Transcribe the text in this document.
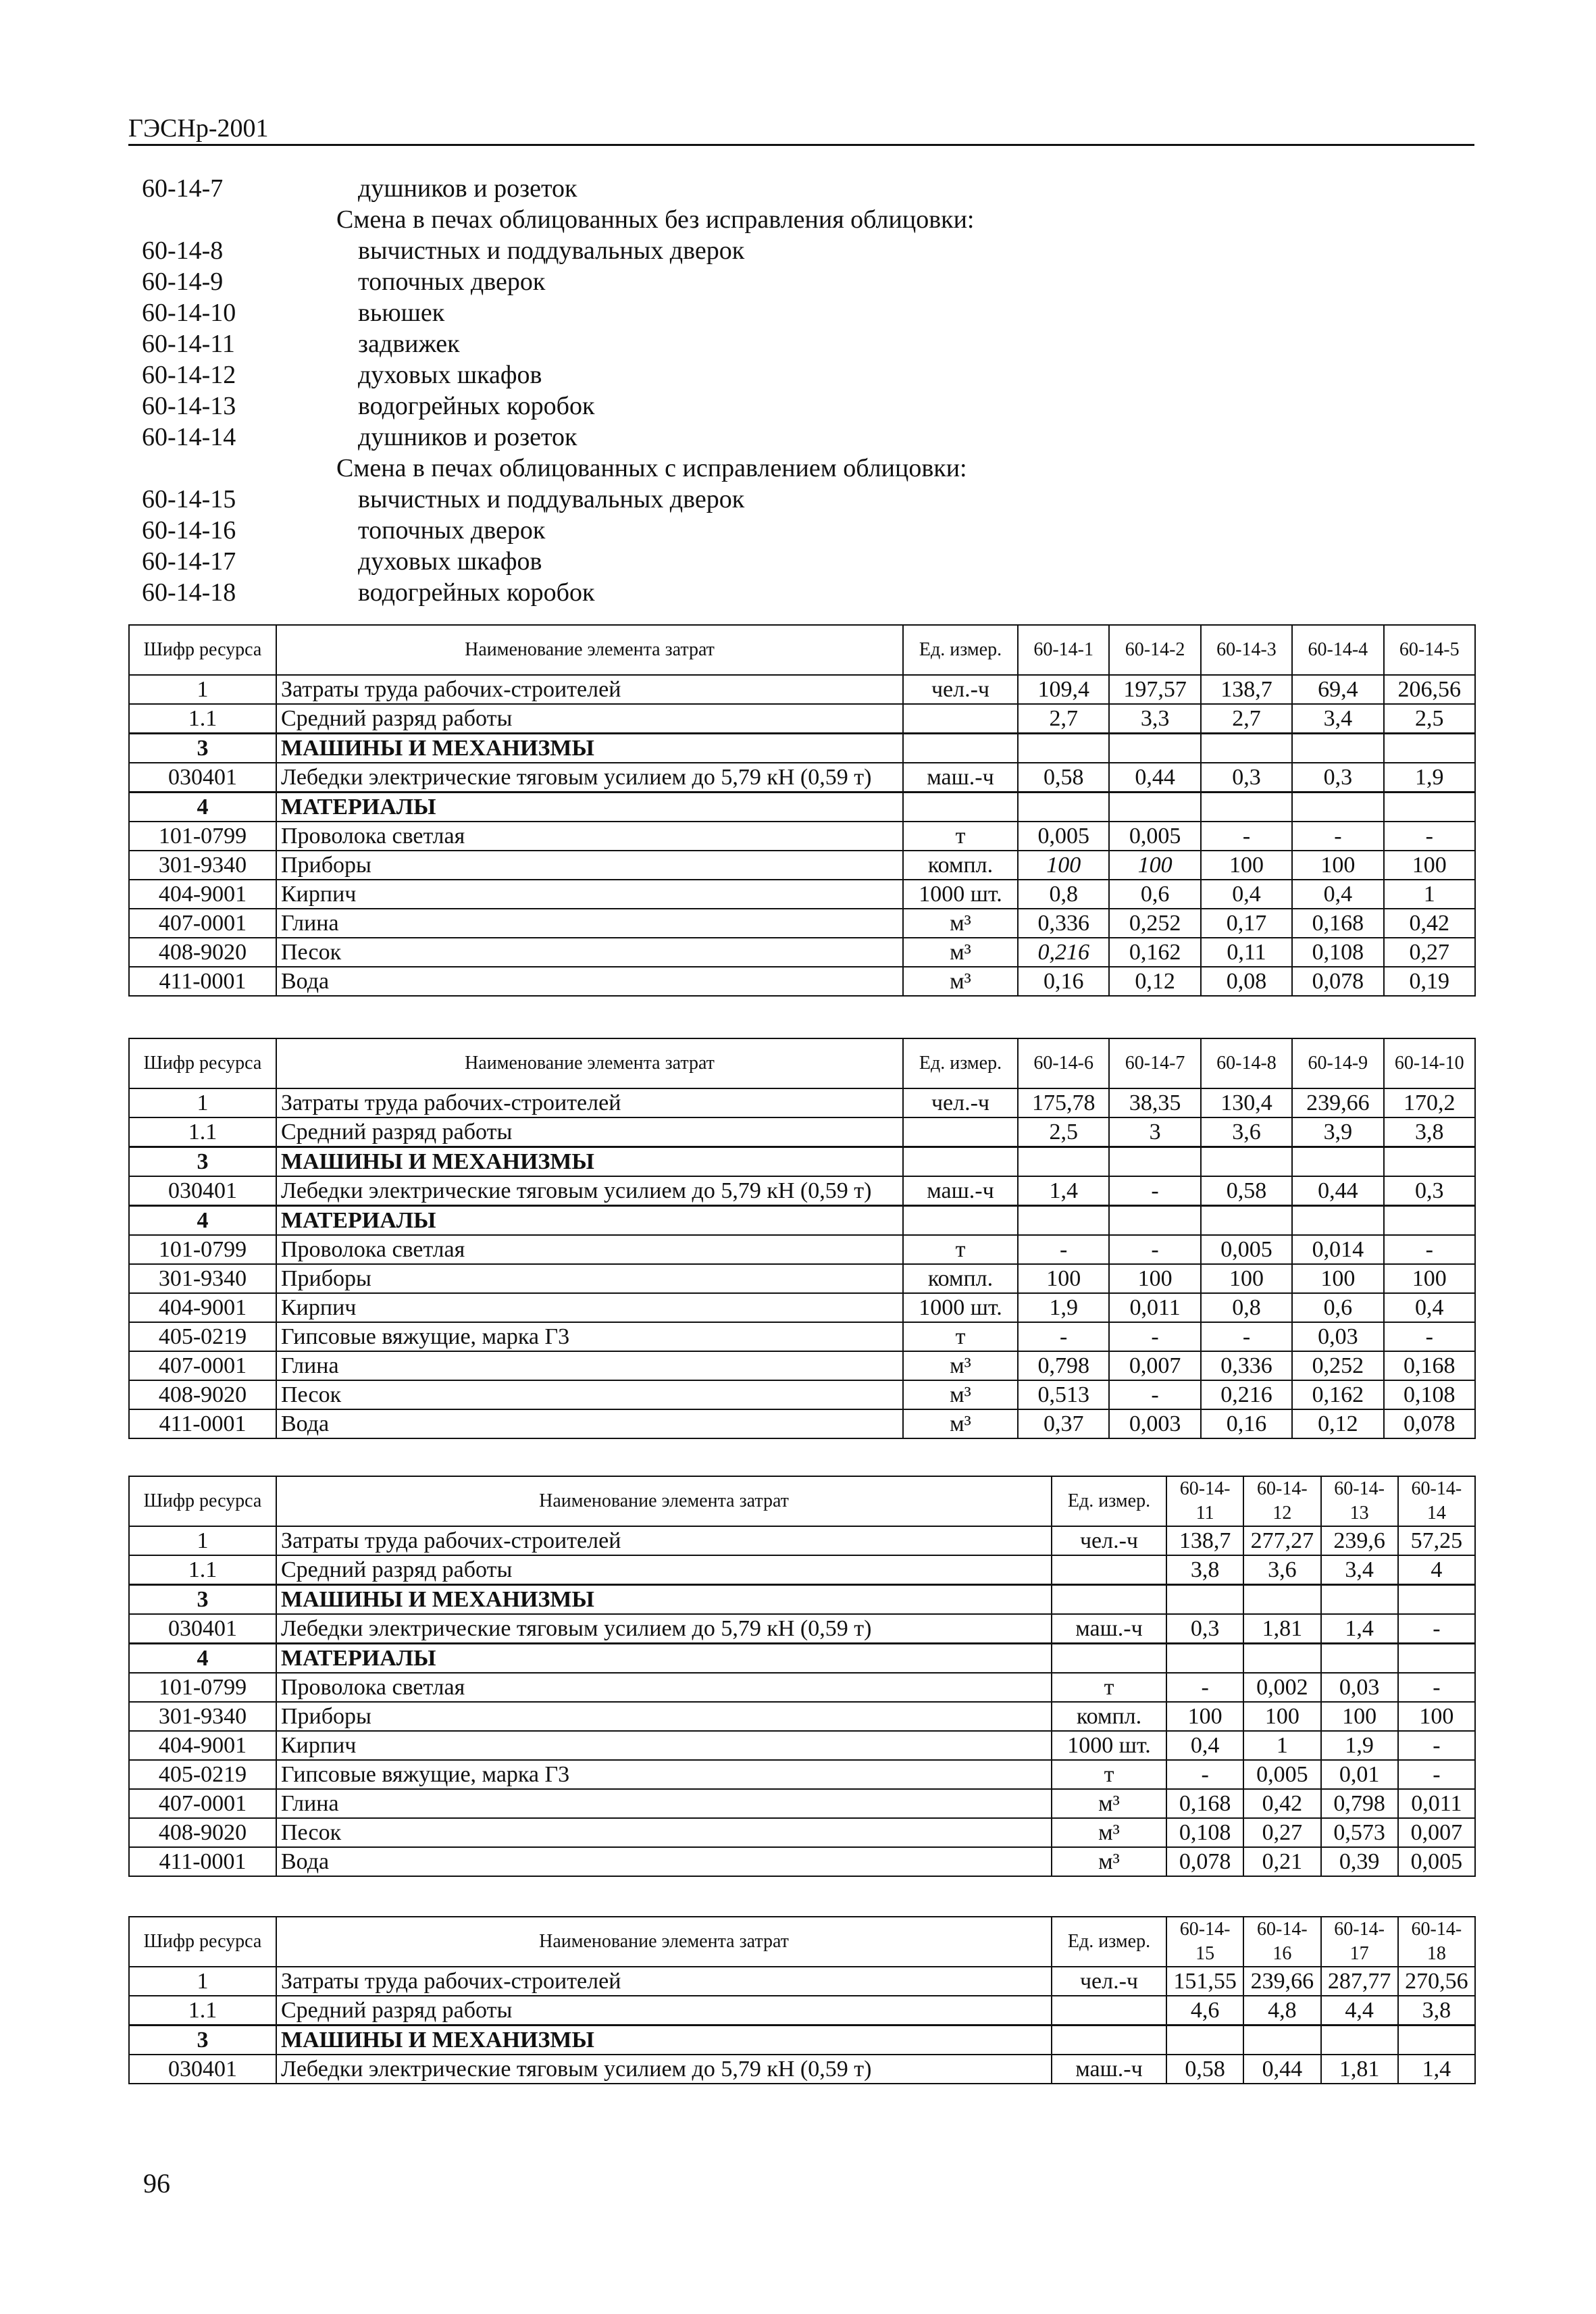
ГЭСНр-2001
60-14-7	душников и розеток
Смена в печах облицованных без исправления облицовки:
60-14-8	вычистных и поддувальных дверок
60-14-9	топочных дверок
60-14-10	вьюшек
60-14-11	задвижек
60-14-12	духовых шкафов
60-14-13	водогрейных коробок
60-14-14	душников и розеток
Смена в печах облицованных с исправлением облицовки:
60-14-15	вычистных и поддувальных дверок
60-14-16	топочных дверок
60-14-17	духовых шкафов
60-14-18	водогрейных коробок
Шифр ресурса	Наименование элемента затрат	Ед. измер.	60-14-1	60-14-2	60-14-3	60-14-4	60-14-5
1	Затраты труда рабочих-строителей	чел.-ч	109,4	197,57	138,7	69,4	206,56
1.1	Средний разряд работы		2,7	3,3	2,7	3,4	2,5
3	МАШИНЫ И МЕХАНИЗМЫ						
030401	Лебедки электрические тяговым усилием до 5,79 кН (0,59 т)	маш.-ч	0,58	0,44	0,3	0,3	1,9
4	МАТЕРИАЛЫ						
101-0799	Проволока светлая	т	0,005	0,005	-	-	-
301-9340	Приборы	компл.	100	100	100	100	100
404-9001	Кирпич	1000 шт.	0,8	0,6	0,4	0,4	1
407-0001	Глина	м³	0,336	0,252	0,17	0,168	0,42
408-9020	Песок	м³	0,216	0,162	0,11	0,108	0,27
411-0001	Вода	м³	0,16	0,12	0,08	0,078	0,19
Шифр ресурса	Наименование элемента затрат	Ед. измер.	60-14-6	60-14-7	60-14-8	60-14-9	60-14-10
1	Затраты труда рабочих-строителей	чел.-ч	175,78	38,35	130,4	239,66	170,2
1.1	Средний разряд работы		2,5	3	3,6	3,9	3,8
3	МАШИНЫ И МЕХАНИЗМЫ						
030401	Лебедки электрические тяговым усилием до 5,79 кН (0,59 т)	маш.-ч	1,4	-	0,58	0,44	0,3
4	МАТЕРИАЛЫ						
101-0799	Проволока светлая	т	-	-	0,005	0,014	-
301-9340	Приборы	компл.	100	100	100	100	100
404-9001	Кирпич	1000 шт.	1,9	0,011	0,8	0,6	0,4
405-0219	Гипсовые вяжущие, марка Г3	т	-	-	-	0,03	-
407-0001	Глина	м³	0,798	0,007	0,336	0,252	0,168
408-9020	Песок	м³	0,513	-	0,216	0,162	0,108
411-0001	Вода	м³	0,37	0,003	0,16	0,12	0,078
Шифр ресурса	Наименование элемента затрат	Ед. измер.	60-14-11	60-14-12	60-14-13	60-14-14
1	Затраты труда рабочих-строителей	чел.-ч	138,7	277,27	239,6	57,25
1.1	Средний разряд работы		3,8	3,6	3,4	4
3	МАШИНЫ И МЕХАНИЗМЫ					
030401	Лебедки электрические тяговым усилием до 5,79 кН (0,59 т)	маш.-ч	0,3	1,81	1,4	-
4	МАТЕРИАЛЫ					
101-0799	Проволока светлая	т	-	0,002	0,03	-
301-9340	Приборы	компл.	100	100	100	100
404-9001	Кирпич	1000 шт.	0,4	1	1,9	-
405-0219	Гипсовые вяжущие, марка Г3	т	-	0,005	0,01	-
407-0001	Глина	м³	0,168	0,42	0,798	0,011
408-9020	Песок	м³	0,108	0,27	0,573	0,007
411-0001	Вода	м³	0,078	0,21	0,39	0,005
Шифр ресурса	Наименование элемента затрат	Ед. измер.	60-14-15	60-14-16	60-14-17	60-14-18
1	Затраты труда рабочих-строителей	чел.-ч	151,55	239,66	287,77	270,56
1.1	Средний разряд работы		4,6	4,8	4,4	3,8
3	МАШИНЫ И МЕХАНИЗМЫ					
030401	Лебедки электрические тяговым усилием до 5,79 кН (0,59 т)	маш.-ч	0,58	0,44	1,81	1,4
96
